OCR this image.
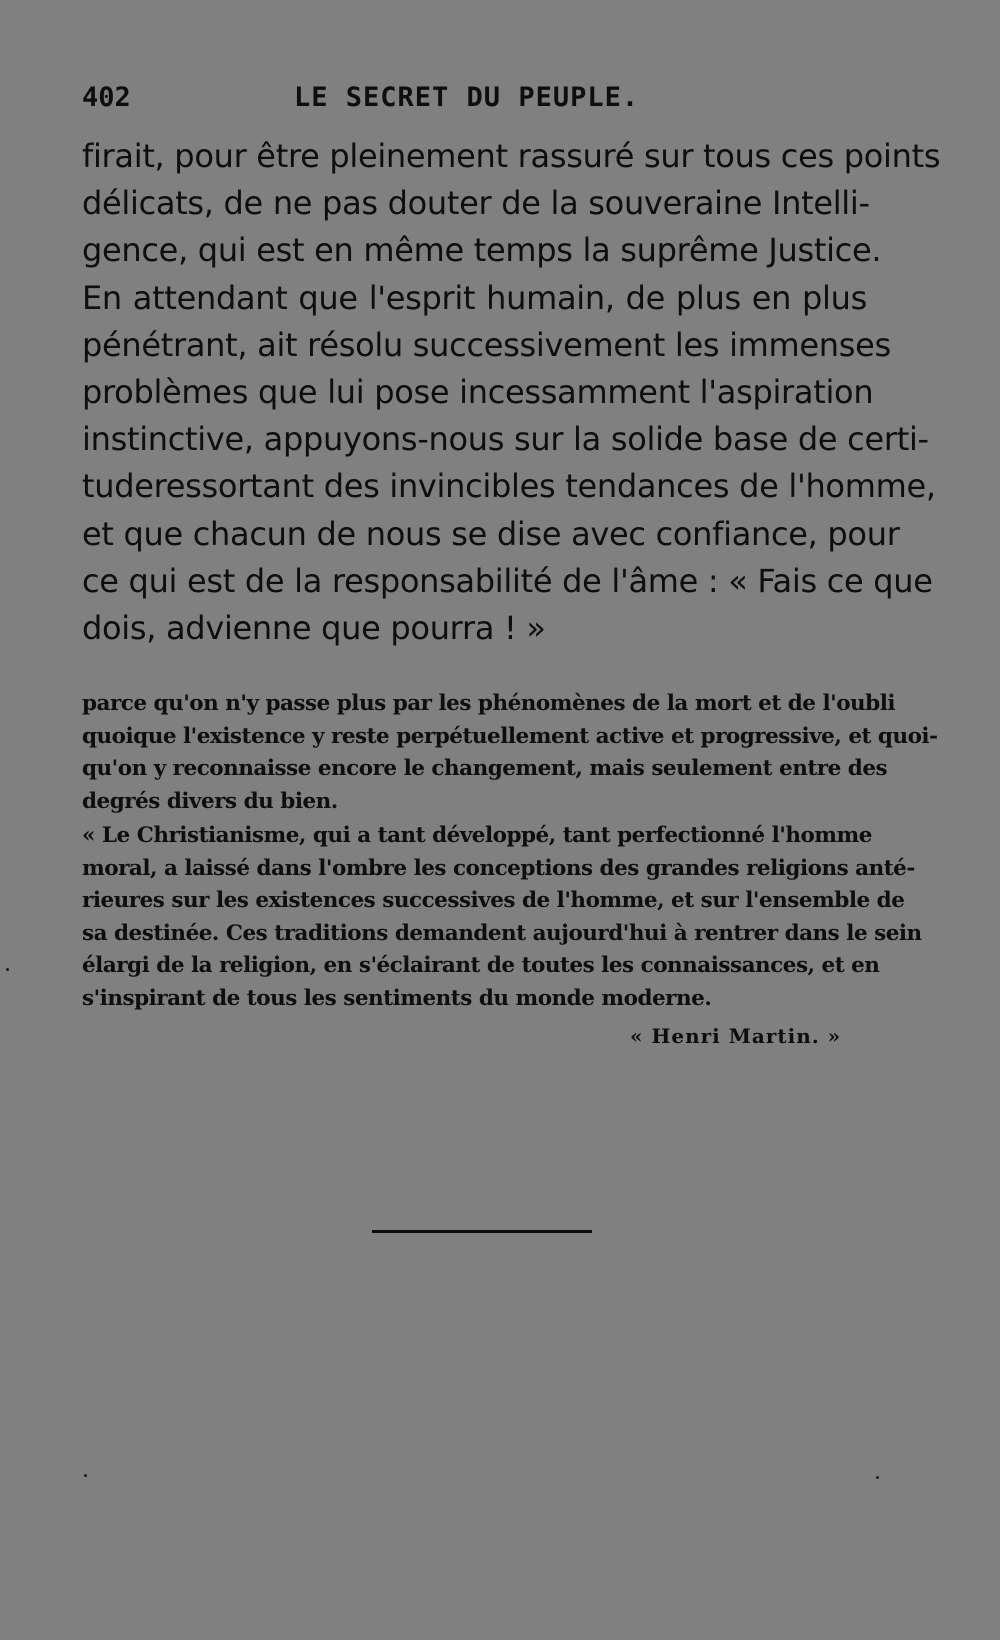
402	LE SECRET DU PEUPLE.

firait, pour être pleinement rassuré sur tous ces points
délicats, de ne pas douter de la souveraine Intelli-
gence, qui est en même temps la suprême Justice.
En attendant que l'esprit humain, de plus en plus
pénétrant, ait résolu successivement les immenses
problèmes que lui pose incessamment l'aspiration
instinctive, appuyons-nous sur la solide base de certi-
tuderessortant des invincibles tendances de l'homme,
et que chacun de nous se dise avec confiance, pour
ce qui est de la responsabilité de l'âme : « Fais ce que
dois, advienne que pourra ! »

parce qu'on n'y passe plus par les phénomènes de la mort et de l'oubli
quoique l'existence y reste perpétuellement active et progressive, et quoi-
qu'on y reconnaisse encore le changement, mais seulement entre des
degrés divers du bien.

« Le Christianisme, qui a tant développé, tant perfectionné l'homme
moral, a laissé dans l'ombre les conceptions des grandes religions anté-
rieures sur les existences successives de l'homme, et sur l'ensemble de
sa destinée. Ces traditions demandent aujourd'hui à rentrer dans le sein
élargi de la religion, en s'éclairant de toutes les connaissances, et en
s'inspirant de tous les sentiments du monde moderne.

« Henri Martin. »
